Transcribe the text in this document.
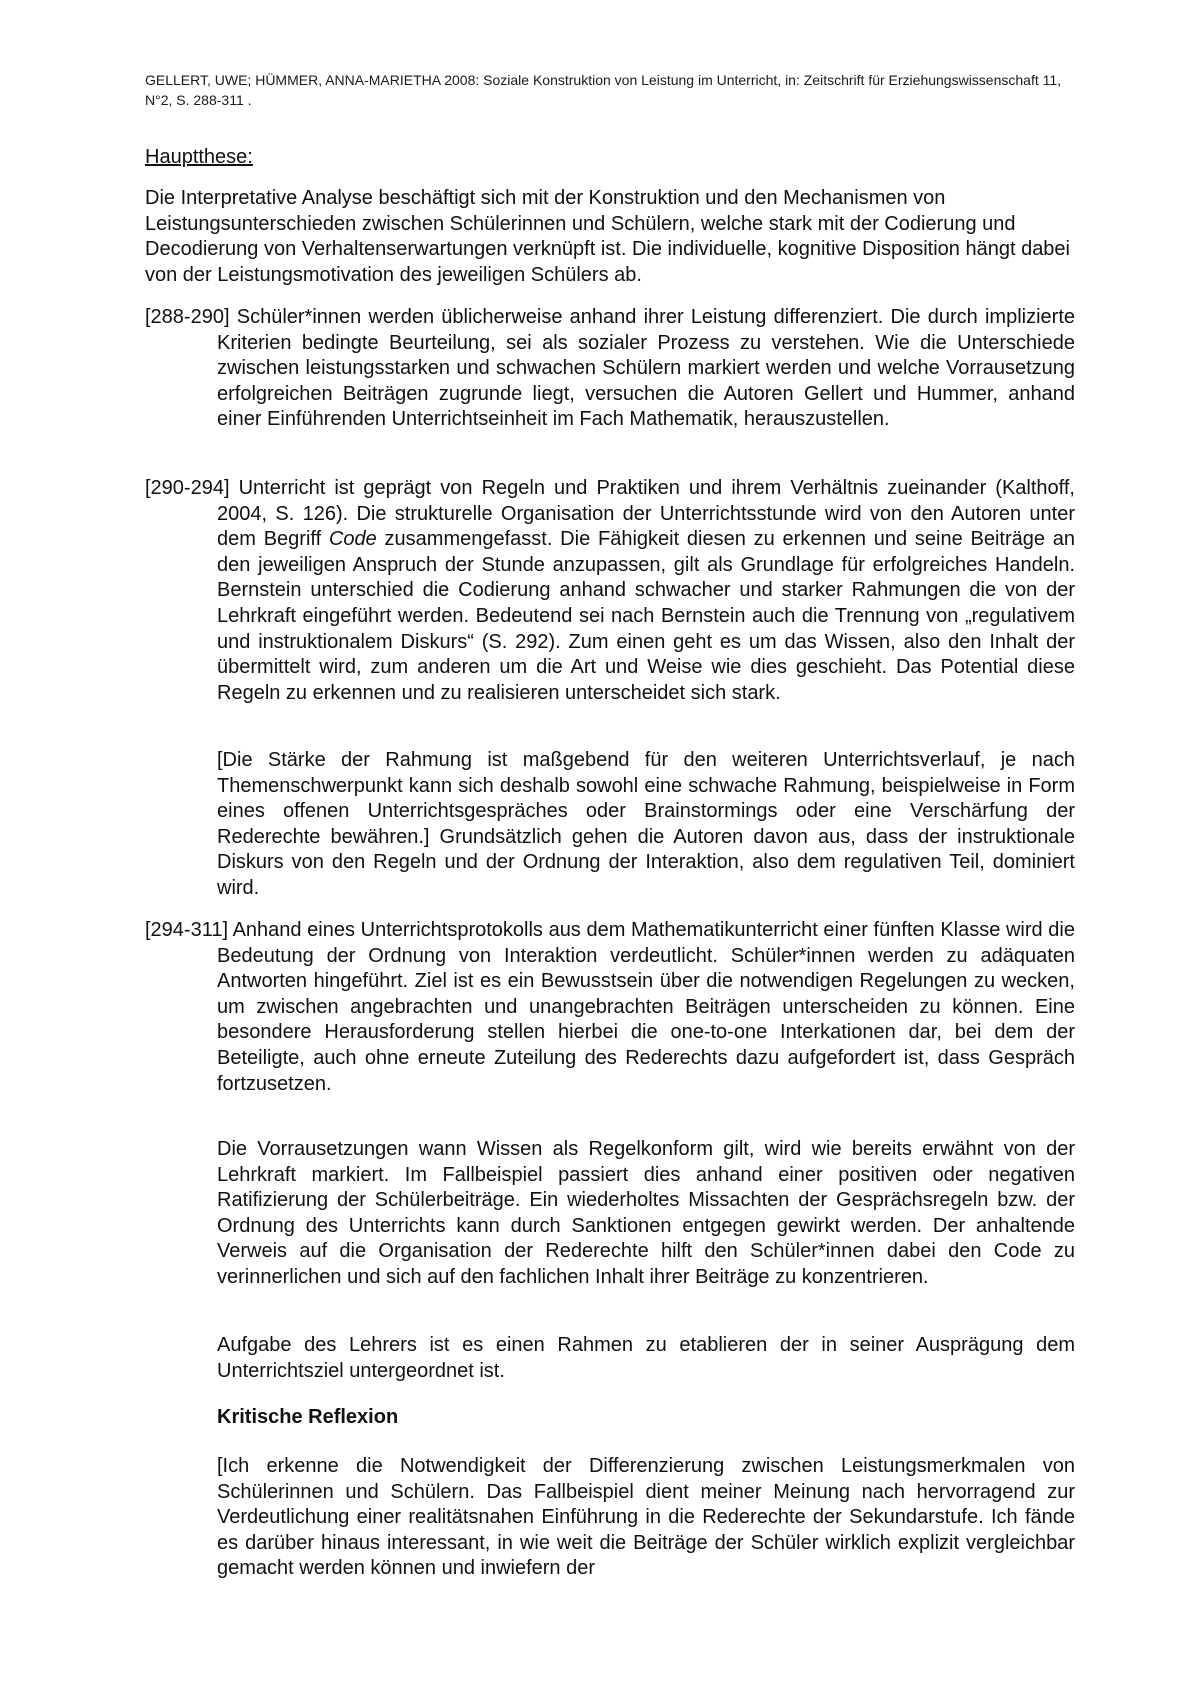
GELLERT, UWE; HÜMMER, ANNA-MARIETHA 2008: Soziale Konstruktion von Leistung im Unterricht, in: Zeitschrift für Erziehungswissenschaft 11, N°2, S. 288-311 .
Hauptthese:
Die Interpretative Analyse beschäftigt sich mit der Konstruktion und den Mechanismen von Leistungsunterschieden zwischen Schülerinnen und Schülern, welche stark mit der Codierung und Decodierung von Verhaltenserwartungen verknüpft ist. Die individuelle, kognitive Disposition hängt dabei von der Leistungsmotivation des jeweiligen Schülers ab.
[288-290] Schüler*innen werden üblicherweise anhand ihrer Leistung differenziert. Die durch implizierte Kriterien bedingte Beurteilung, sei als sozialer Prozess zu verstehen. Wie die Unterschiede zwischen leistungsstarken und schwachen Schülern markiert werden und welche Vorrausetzung erfolgreichen Beiträgen zugrunde liegt, versuchen die Autoren Gellert und Hummer, anhand einer Einführenden Unterrichtseinheit im Fach Mathematik, herauszustellen.
[290-294] Unterricht ist geprägt von Regeln und Praktiken und ihrem Verhältnis zueinander (Kalthoff, 2004, S. 126). Die strukturelle Organisation der Unterrichtsstunde wird von den Autoren unter dem Begriff Code zusammengefasst. Die Fähigkeit diesen zu erkennen und seine Beiträge an den jeweiligen Anspruch der Stunde anzupassen, gilt als Grundlage für erfolgreiches Handeln. Bernstein unterschied die Codierung anhand schwacher und starker Rahmungen die von der Lehrkraft eingeführt werden. Bedeutend sei nach Bernstein auch die Trennung von „regulativem und instruktionalem Diskurs“ (S. 292). Zum einen geht es um das Wissen, also den Inhalt der übermittelt wird, zum anderen um die Art und Weise wie dies geschieht. Das Potential diese Regeln zu erkennen und zu realisieren unterscheidet sich stark.
[Die Stärke der Rahmung ist maßgebend für den weiteren Unterrichtsverlauf, je nach Themenschwerpunkt kann sich deshalb sowohl eine schwache Rahmung, beispielweise in Form eines offenen Unterrichtsgespräches oder Brainstormings oder eine Verschärfung der Rederechte bewähren.] Grundsätzlich gehen die Autoren davon aus, dass der instruktionale Diskurs von den Regeln und der Ordnung der Interaktion, also dem regulativen Teil, dominiert wird.
[294-311] Anhand eines Unterrichtsprotokolls aus dem Mathematikunterricht einer fünften Klasse wird die Bedeutung der Ordnung von Interaktion verdeutlicht. Schüler*innen werden zu adäquaten Antworten hingeführt. Ziel ist es ein Bewusstsein über die notwendigen Regelungen zu wecken, um zwischen angebrachten und unangebrachten Beiträgen unterscheiden zu können. Eine besondere Herausforderung stellen hierbei die one-to-one Interkationen dar, bei dem der Beteiligte, auch ohne erneute Zuteilung des Rederechts dazu aufgefordert ist, dass Gespräch fortzusetzen.
Die Vorrausetzungen wann Wissen als Regelkonform gilt, wird wie bereits erwähnt von der Lehrkraft markiert. Im Fallbeispiel passiert dies anhand einer positiven oder negativen Ratifizierung der Schülerbeiträge. Ein wiederholtes Missachten der Gesprächsregeln bzw. der Ordnung des Unterrichts kann durch Sanktionen entgegen gewirkt werden. Der anhaltende Verweis auf die Organisation der Rederechte hilft den Schüler*innen dabei den Code zu verinnerlichen und sich auf den fachlichen Inhalt ihrer Beiträge zu konzentrieren.
Aufgabe des Lehrers ist es einen Rahmen zu etablieren der in seiner Ausprägung dem Unterrichtsziel untergeordnet ist.
Kritische Reflexion
[Ich erkenne die Notwendigkeit der Differenzierung zwischen Leistungsmerkmalen von Schülerinnen und Schülern. Das Fallbeispiel dient meiner Meinung nach hervorragend zur Verdeutlichung einer realitätsnahen Einführung in die Rederechte der Sekundarstufe. Ich fände es darüber hinaus interessant, in wie weit die Beiträge der Schüler wirklich explizit vergleichbar gemacht werden können und inwiefern der
